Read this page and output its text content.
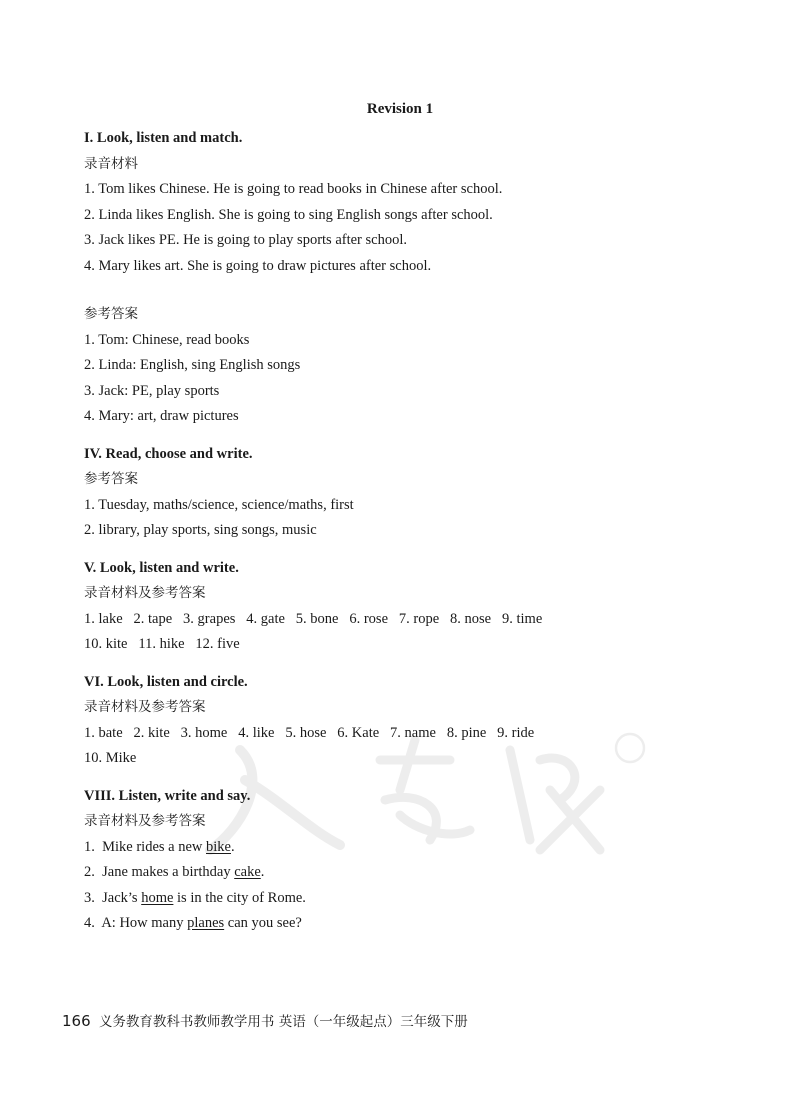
Revision 1
I. Look, listen and match.
录音材料
1. Tom likes Chinese. He is going to read books in Chinese after school.
2. Linda likes English. She is going to sing English songs after school.
3. Jack likes PE. He is going to play sports after school.
4. Mary likes art. She is going to draw pictures after school.
参考答案
1. Tom: Chinese, read books
2. Linda: English, sing English songs
3. Jack: PE, play sports
4. Mary: art, draw pictures
IV. Read, choose and write.
参考答案
1. Tuesday, maths/science, science/maths, first
2. library, play sports, sing songs, music
V. Look, listen and write.
录音材料及参考答案
1. lake   2. tape   3. grapes   4. gate   5. bone   6. rose   7. rope   8. nose   9. time
10. kite   11. hike   12. five
VI. Look, listen and circle.
录音材料及参考答案
1. bate   2. kite   3. home   4. like   5. hose   6. Kate   7. name   8. pine   9. ride
10. Mike
VIII. Listen, write and say.
录音材料及参考答案
1.  Mike rides a new bike.
2.  Jane makes a birthday cake.
3.  Jack’s home is in the city of Rome.
4.  A: How many planes can you see?
166 义务教育教科书教师教学用书 英语（一年级起点）三年级下册
